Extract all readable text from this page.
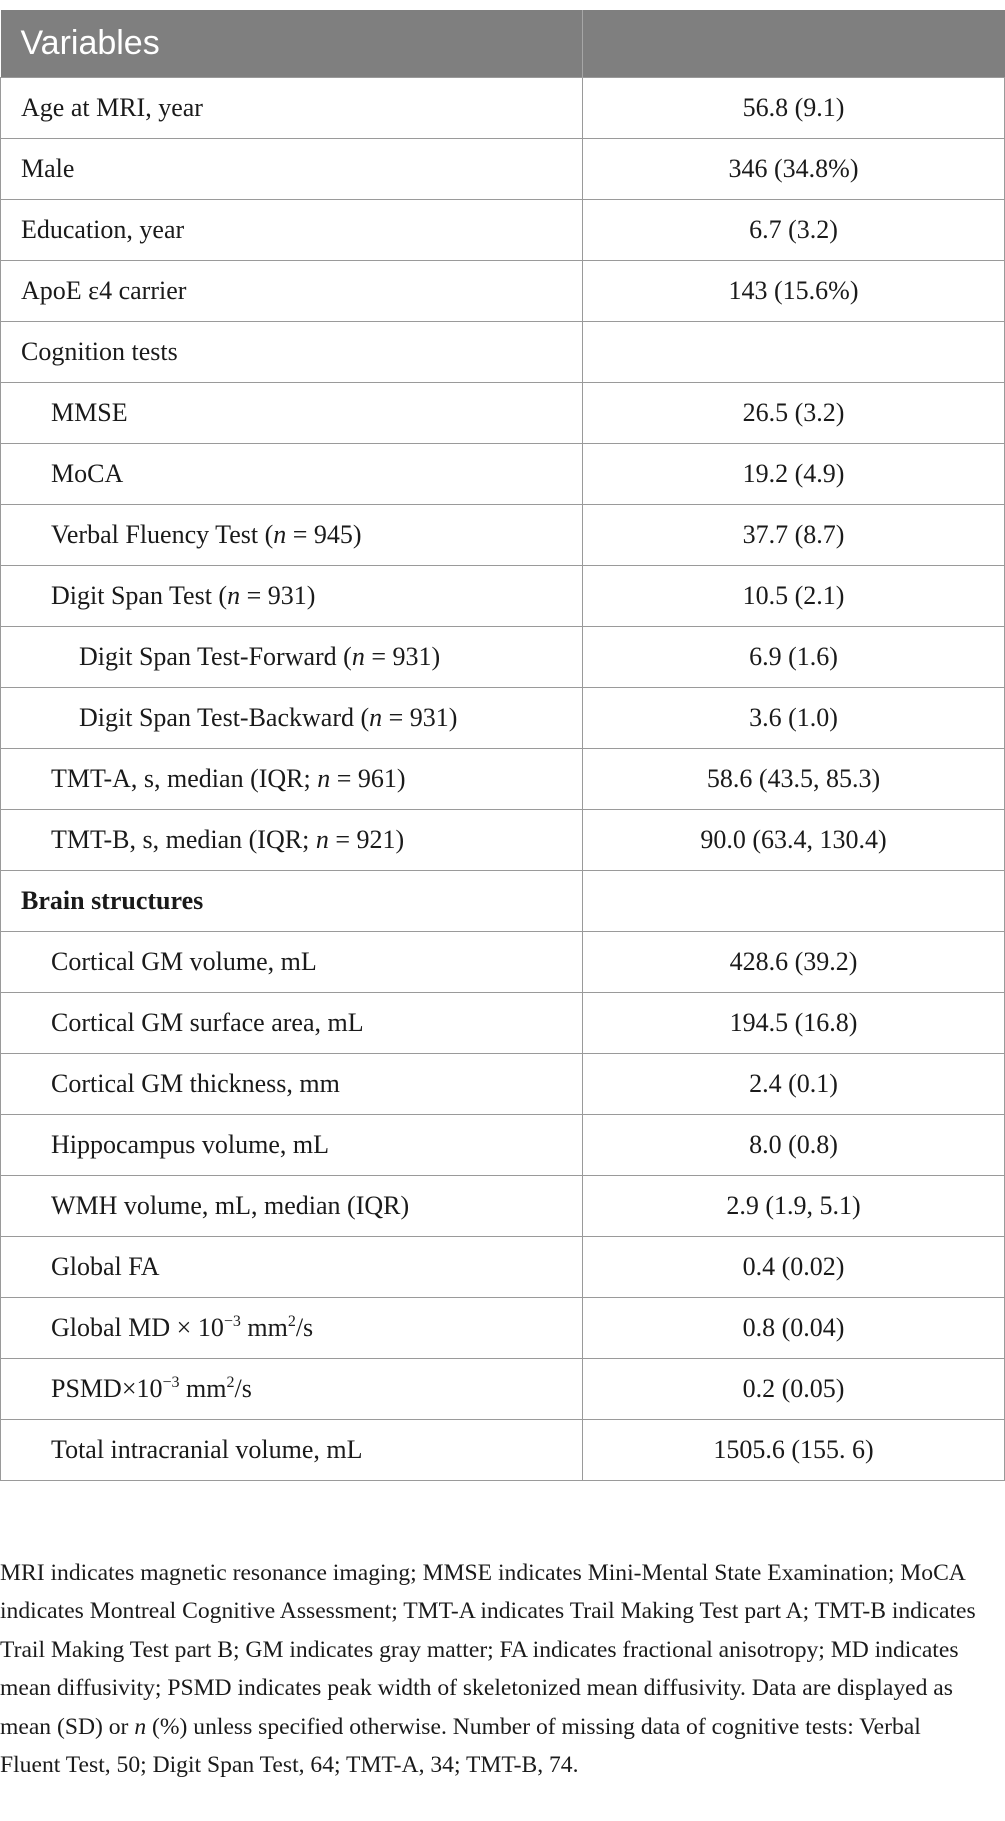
Variables	
Age at MRI, year	56.8 (9.1)
Male	346 (34.8%)
Education, year	6.7 (3.2)
ApoE ε4 carrier	143 (15.6%)
Cognition tests	
MMSE	26.5 (3.2)
MoCA	19.2 (4.9)
Verbal Fluency Test (n = 945)	37.7 (8.7)
Digit Span Test (n = 931)	10.5 (2.1)
Digit Span Test-Forward (n = 931)	6.9 (1.6)
Digit Span Test-Backward (n = 931)	3.6 (1.0)
TMT-A, s, median (IQR; n = 961)	58.6 (43.5, 85.3)
TMT-B, s, median (IQR; n = 921)	90.0 (63.4, 130.4)
Brain structures	
Cortical GM volume, mL	428.6 (39.2)
Cortical GM surface area, mL	194.5 (16.8)
Cortical GM thickness, mm	2.4 (0.1)
Hippocampus volume, mL	8.0 (0.8)
WMH volume, mL, median (IQR)	2.9 (1.9, 5.1)
Global FA	0.4 (0.02)
Global MD × $10^{-3}$ $mm^2/s$	0.8 (0.04)
$PSMD\times 10^{-3}$ $mm^2/s$	0.2 (0.05)
Total intracranial volume, mL	1505.6 (155. 6)
MRI indicates magnetic resonance imaging; MMSE indicates Mini-Mental State Examination; MoCA indicates Montreal Cognitive Assessment; TMT-A indicates Trail Making Test part A; TMT-B indicates Trail Making Test part B; GM indicates gray matter; FA indicates fractional anisotropy; MD indicates mean diffusivity; PSMD indicates peak width of skeletonized mean diffusivity. Data are displayed as mean (SD) or n (%) unless specified otherwise. Number of missing data of cognitive tests: Verbal Fluent Test, 50; Digit Span Test, 64; TMT-A, 34; TMT-B, 74.
